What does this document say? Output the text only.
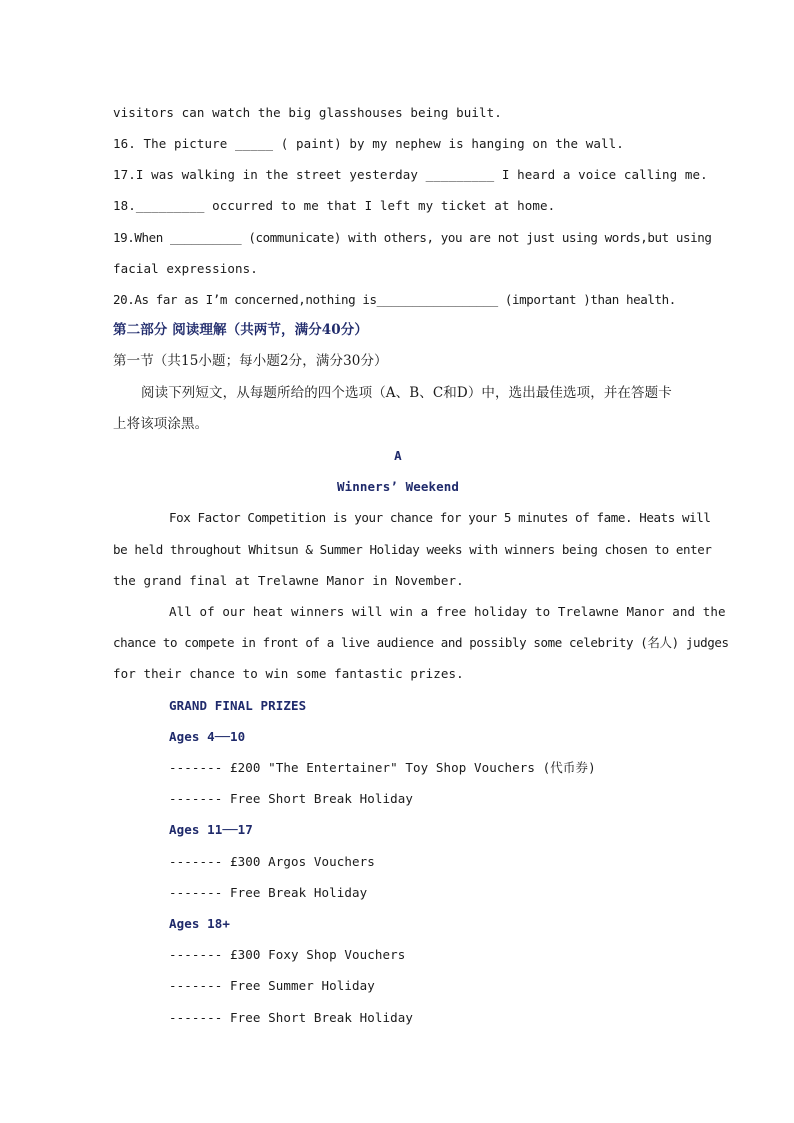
visitors can watch the big glasshouses being built.
16. The picture _____ ( paint) by my nephew is hanging on the wall.
17.I was walking in the street yesterday _________ I heard a voice calling me.
18._________ occurred to me that I left my ticket at home.
19.When __________ (communicate) with others, you are not just using words,but using
facial expressions.
20.As far as I’m concerned,nothing is_________________ (important )than health.
第二部分 阅读理解（共两节，满分40分）
第一节（共15小题；每小题2分，满分30分）
阅读下列短文，从每题所给的四个选项（A、B、C和D）中，选出最佳选项，并在答题卡
上将该项涂黑。
A
Winners’ Weekend
Fox Factor Competition is your chance for your 5 minutes of fame. Heats will
be held throughout Whitsun & Summer Holiday weeks with winners being chosen to enter
the grand final at Trelawne Manor in November.
All of our heat winners will win a free holiday to Trelawne Manor and the
chance to compete in front of a live audience and possibly some celebrity (名人) judges
for their chance to win some fantastic prizes.
GRAND FINAL PRIZES
Ages 4──10
------- £200 "The Entertainer" Toy Shop Vouchers (代币券)
------- Free Short Break Holiday
Ages 11──17
------- £300 Argos Vouchers
------- Free Break Holiday
Ages 18+
------- £300 Foxy Shop Vouchers
------- Free Summer Holiday
------- Free Short Break Holiday
